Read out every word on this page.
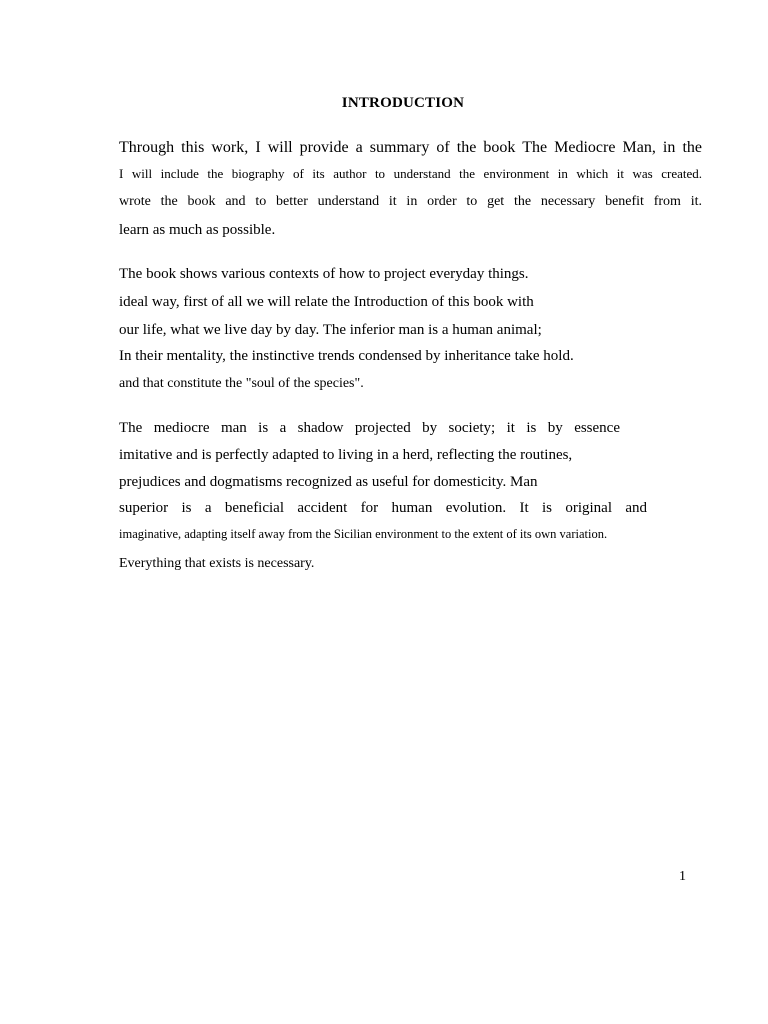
INTRODUCTION
Through this work, I will provide a summary of the book The Mediocre Man, in the
I will include the biography of its author to understand the environment in which it was created.
wrote the book and to better understand it in order to get the necessary benefit from it.
learn as much as possible.
The book shows various contexts of how to project everyday things.
ideal way, first of all we will relate the Introduction of this book with
our life, what we live day by day. The inferior man is a human animal;
In their mentality, the instinctive trends condensed by inheritance take hold.
and that constitute the "soul of the species".
The mediocre man is a shadow projected by society; it is by essence
imitative and is perfectly adapted to living in a herd, reflecting the routines,
prejudices and dogmatisms recognized as useful for domesticity. Man
superior is a beneficial accident for human evolution. It is original and
imaginative, adapting itself away from the Sicilian environment to the extent of its own variation.
Everything that exists is necessary.
1
